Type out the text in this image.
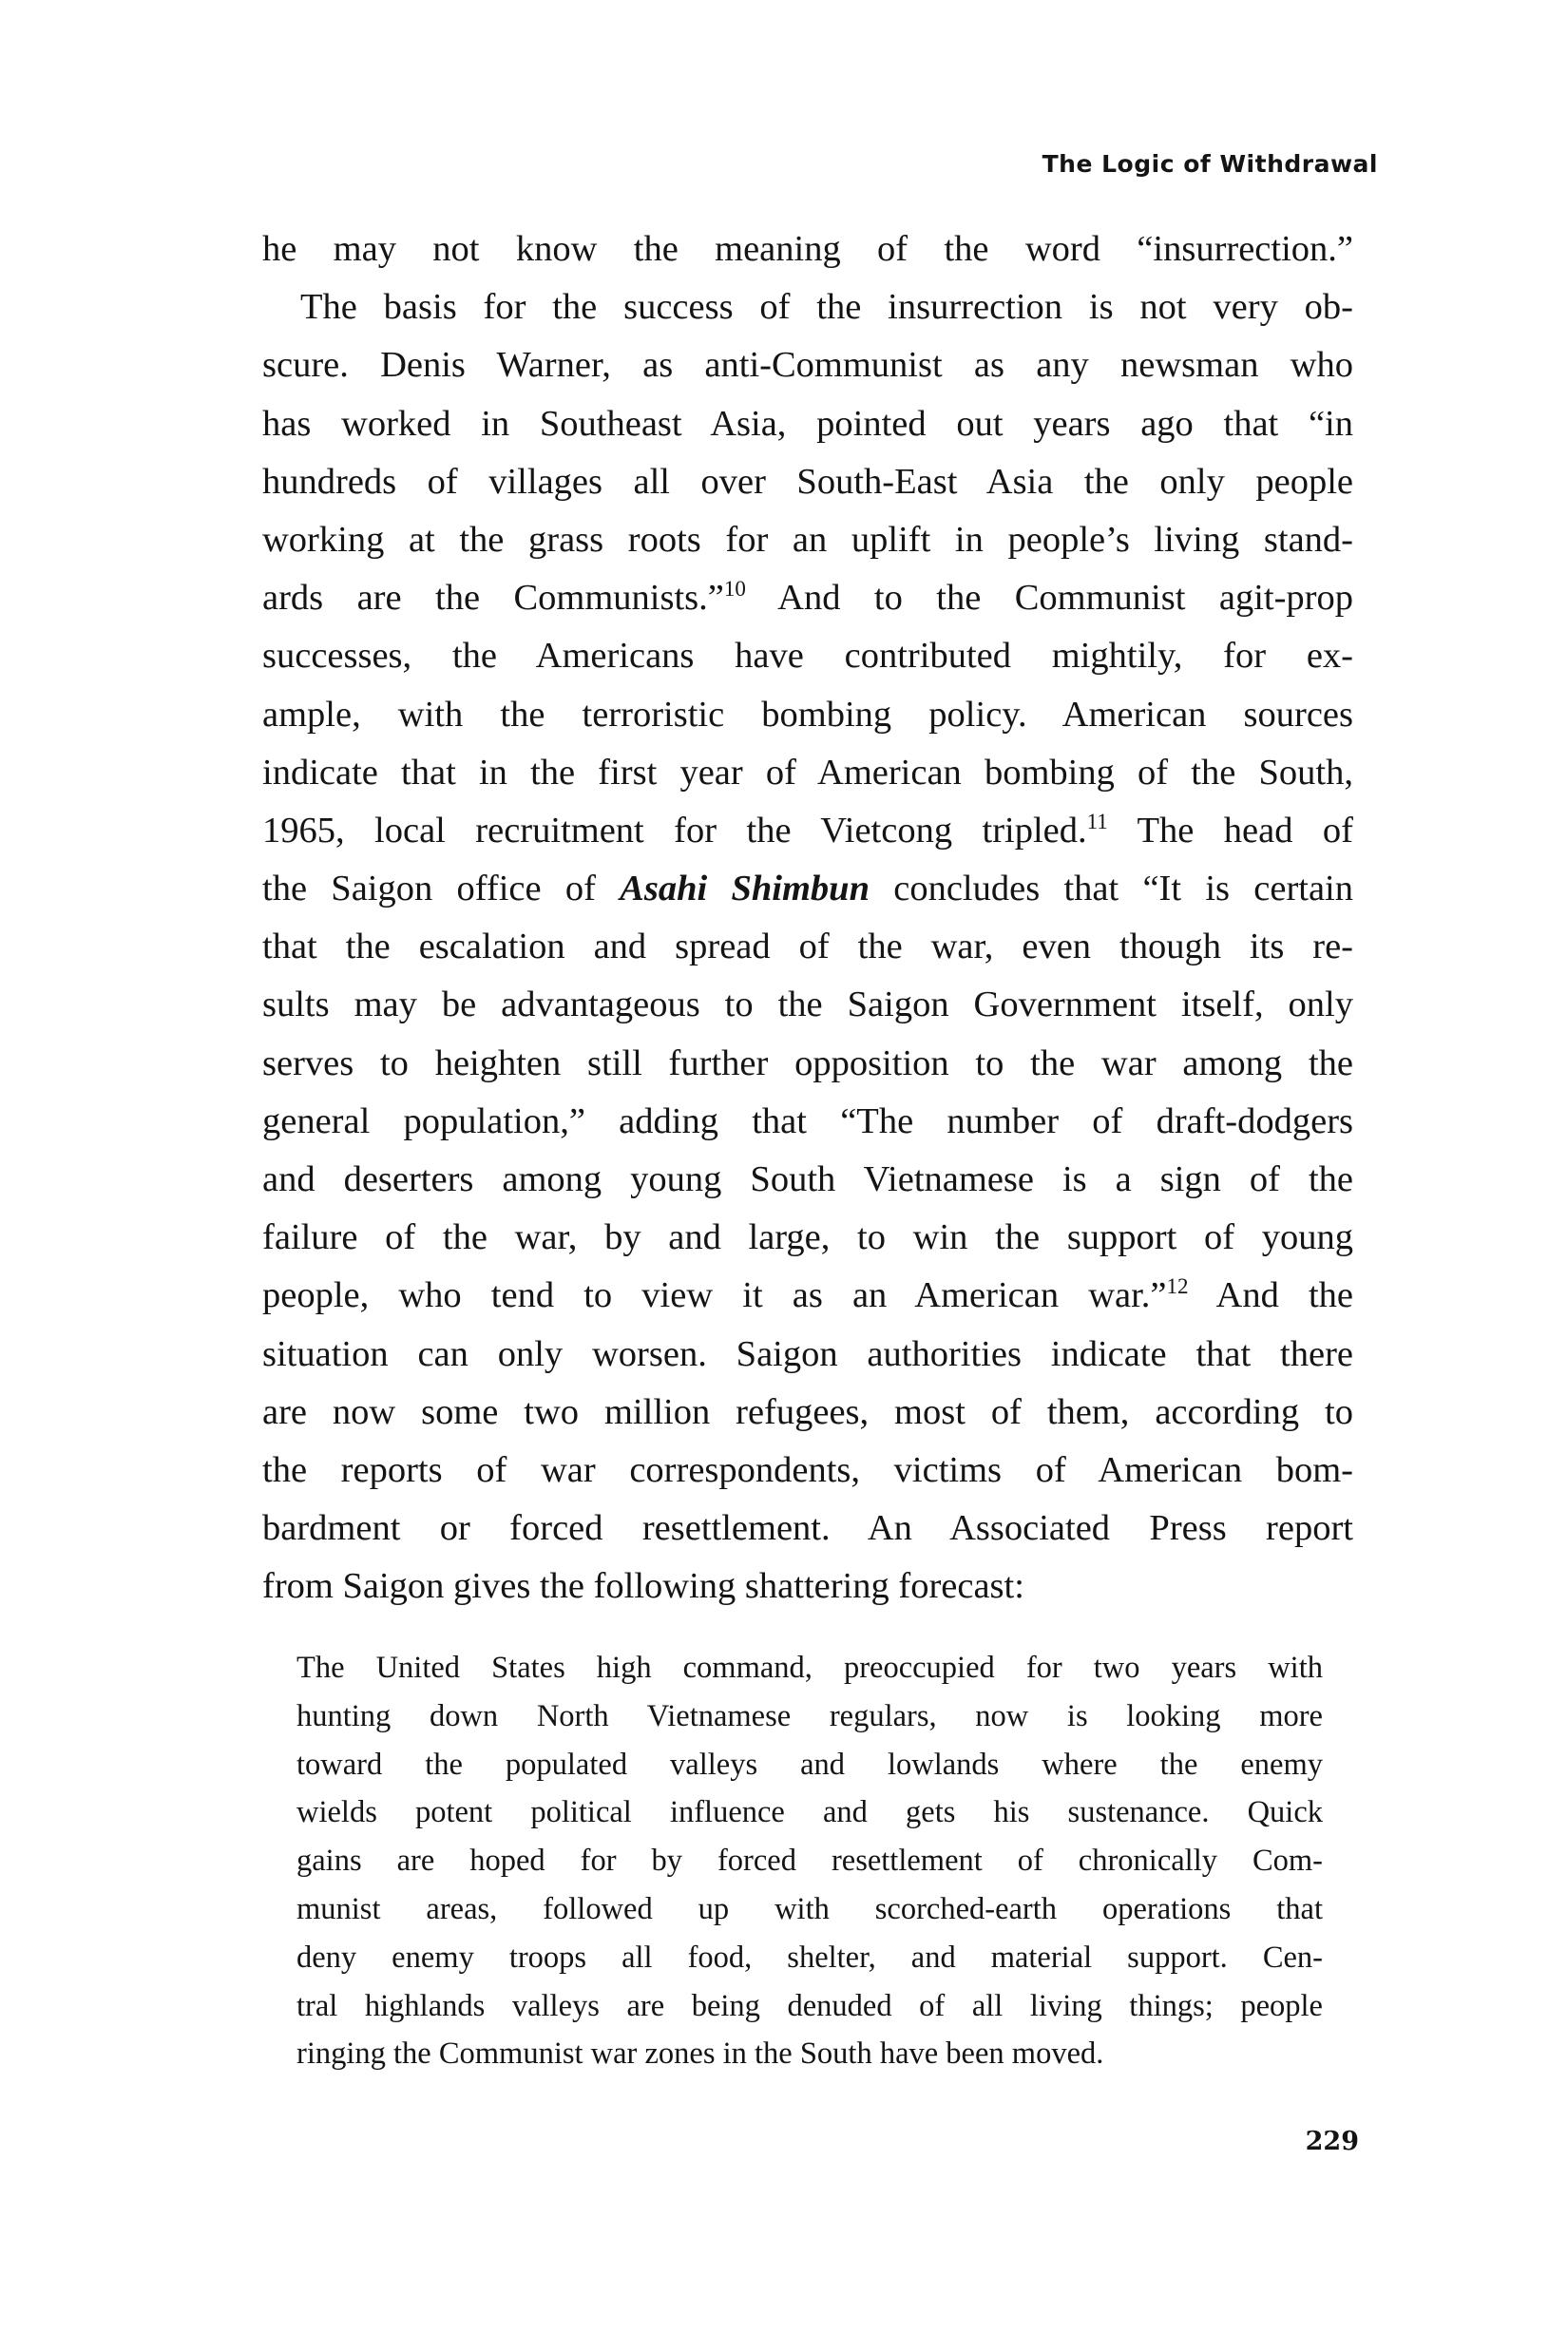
The Logic of Withdrawal
he may not know the meaning of the word “insurrection.”
The basis for the success of the insurrection is not very ob-
scure. Denis Warner, as anti-Communist as any newsman who
has worked in Southeast Asia, pointed out years ago that “in
hundreds of villages all over South-East Asia the only people
working at the grass roots for an uplift in people’s living stand-
ards are the Communists.”$^{10}$ And to the Communist agit-prop
successes, the Americans have contributed mightily, for ex-
ample, with the terroristic bombing policy. American sources
indicate that in the first year of American bombing of the South,
1965, local recruitment for the Vietcong tripled.$^{11}$ The head of
the Saigon office of Asahi Shimbun concludes that “It is certain
that the escalation and spread of the war, even though its re-
sults may be advantageous to the Saigon Government itself, only
serves to heighten still further opposition to the war among the
general population,” adding that “The number of draft-dodgers
and deserters among young South Vietnamese is a sign of the
failure of the war, by and large, to win the support of young
people, who tend to view it as an American war.”$^{12}$ And the
situation can only worsen. Saigon authorities indicate that there
are now some two million refugees, most of them, according to
the reports of war correspondents, victims of American bom-
bardment or forced resettlement. An Associated Press report
from Saigon gives the following shattering forecast:
The United States high command, preoccupied for two years with
hunting down North Vietnamese regulars, now is looking more
toward the populated valleys and lowlands where the enemy
wields potent political influence and gets his sustenance. Quick
gains are hoped for by forced resettlement of chronically Com-
munist areas, followed up with scorched-earth operations that
deny enemy troops all food, shelter, and material support. Cen-
tral highlands valleys are being denuded of all living things; people
ringing the Communist war zones in the South have been moved.
229
